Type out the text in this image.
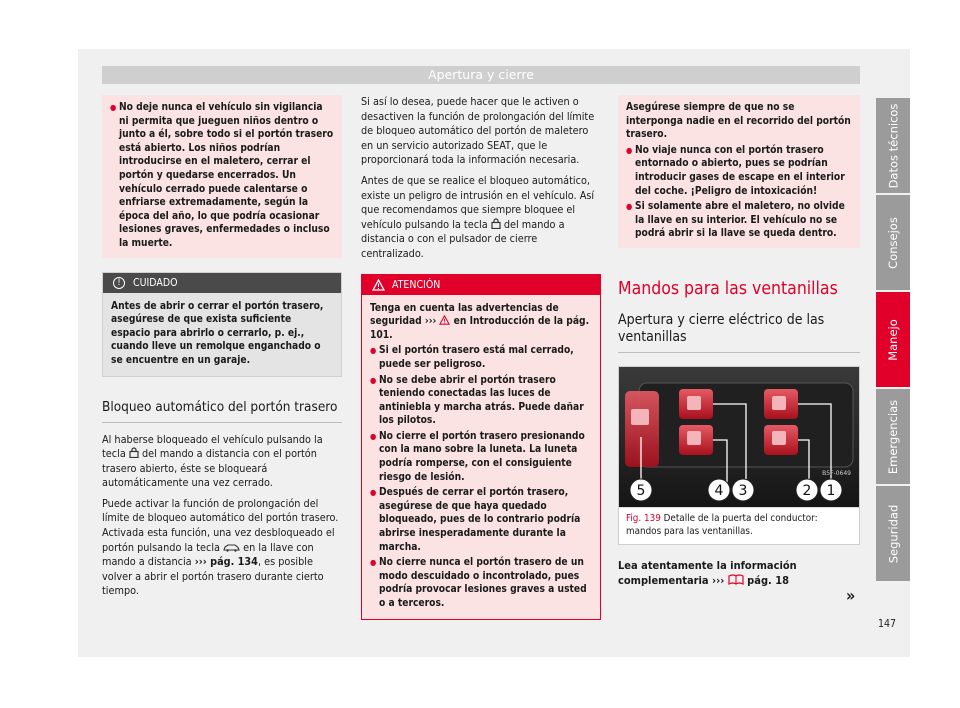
Apertura y cierre
● No deje nunca el vehículo sin vigilancia ni permita que jueguen niños dentro o junto a él, sobre todo si el portón trasero está abierto. Los niños podrían introducirse en el maletero, cerrar el portón y quedarse encerrados. Un vehículo cerrado puede calentarse o enfriarse extremadamente, según la época del año, lo que podría ocasionar lesiones graves, enfermedades o incluso la muerte.
!	CUIDADO
Antes de abrir o cerrar el portón trasero, asegúrese de que exista suficiente espacio para abrirlo o cerrarlo, p. ej., cuando lleve un remolque enganchado o se encuentre en un garaje.
Bloqueo automático del portón trasero

Al haberse bloqueado el vehículo pulsando la tecla  del mando a distancia con el portón trasero abierto, éste se bloqueará automáticamente una vez cerrado.

Puede activar la función de prolongación del límite de bloqueo automático del portón trasero. Activada esta función, una vez desbloqueado el portón pulsando la tecla  en la llave con mando a distancia ››› pág. 134, es posible volver a abrir el portón trasero durante cierto tiempo.

Si así lo desea, puede hacer que le activen o desactiven la función de prolongación del límite de bloqueo automático del portón de maletero en un servicio autorizado SEAT, que le proporcionará toda la información necesaria.

Antes de que se realice el bloqueo automático, existe un peligro de intrusión en el vehículo. Así que recomendamos que siempre bloquee el vehículo pulsando la tecla  del mando a distancia o con el pulsador de cierre centralizado.

ATENCIÓN
Tenga en cuenta las advertencias de seguridad ›››  en Introducción de la pág. 101.
● Si el portón trasero está mal cerrado, puede ser peligroso.
● No se debe abrir el portón trasero teniendo conectadas las luces de antiniebla y marcha atrás. Puede dañar los pilotos.
● No cierre el portón trasero presionando con la mano sobre la luneta. La luneta podría romperse, con el consiguiente riesgo de lesión.
● Después de cerrar el portón trasero, asegúrese de que haya quedado bloqueado, pues de lo contrario podría abrirse inesperadamente durante la marcha.
● No cierre nunca el portón trasero de un modo descuidado o incontrolado, pues podría provocar lesiones graves a usted o a terceros.
Asegúrese siempre de que no se interponga nadie en el recorrido del portón trasero.
● No viaje nunca con el portón trasero entornado o abierto, pues se podrían introducir gases de escape en el interior del coche. ¡Peligro de intoxicación!
● Si solamente abre el maletero, no olvide la llave en su interior. El vehículo no se podrá abrir si la llave se queda dentro.
Mandos para las ventanillas
Apertura y cierre eléctrico de las ventanillas
5	4 3	2 1
B5F-0649
Fig. 139 Detalle de la puerta del conductor: mandos para las ventanillas.
Lea atentamente la información complementaria ›››  pág. 18
»
Datos técnicos
Consejos
Manejo
Emergencias
Seguridad
147
